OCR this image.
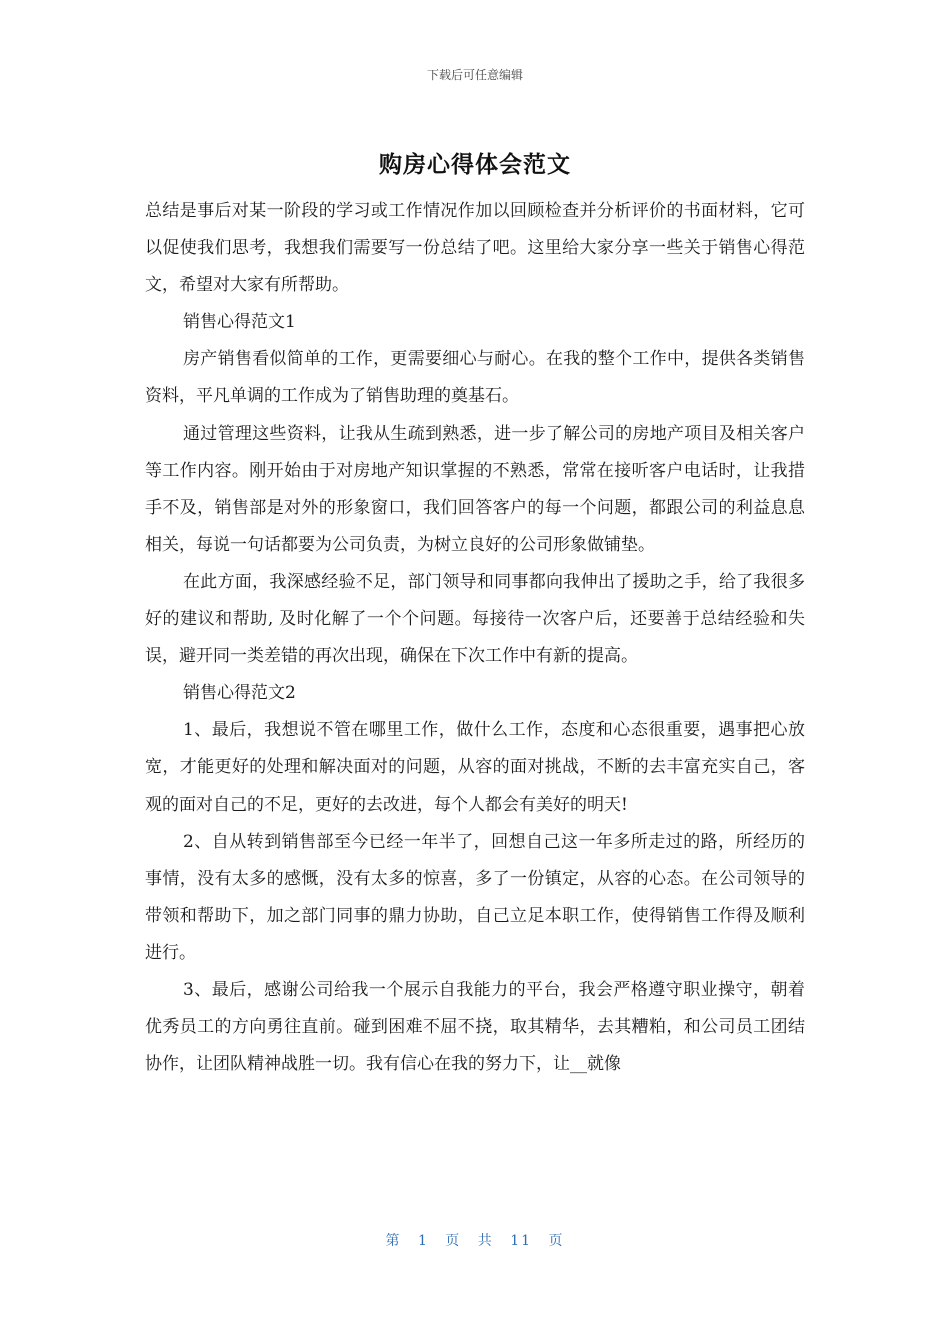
下载后可任意编辑
购房心得体会范文

总结是事后对某一阶段的学习或工作情况作加以回顾检查并分析评价的书面材料，它可以促使我们思考，我想我们需要写一份总结了吧。这里给大家分享一些关于销售心得范文，希望对大家有所帮助。

销售心得范文1

房产销售看似简单的工作，更需要细心与耐心。在我的整个工作中，提供各类销售资料，平凡单调的工作成为了销售助理的奠基石。

通过管理这些资料，让我从生疏到熟悉，进一步了解公司的房地产项目及相关客户等工作内容。刚开始由于对房地产知识掌握的不熟悉，常常在接听客户电话时，让我措手不及，销售部是对外的形象窗口，我们回答客户的每一个问题，都跟公司的利益息息相关，每说一句话都要为公司负责，为树立良好的公司形象做铺垫。

在此方面，我深感经验不足，部门领导和同事都向我伸出了援助之手，给了我很多好的建议和帮助, 及时化解了一个个问题。每接待一次客户后，还要善于总结经验和失误，避开同一类差错的再次出现，确保在下次工作中有新的提高。

销售心得范文2

1、最后，我想说不管在哪里工作，做什么工作，态度和心态很重要，遇事把心放宽，才能更好的处理和解决面对的问题，从容的面对挑战，不断的去丰富充实自己，客观的面对自己的不足，更好的去改进，每个人都会有美好的明天!

2、自从转到销售部至今已经一年半了，回想自己这一年多所走过的路，所经历的事情，没有太多的感慨，没有太多的惊喜，多了一份镇定，从容的心态。在公司领导的带领和帮助下，加之部门同事的鼎力协助，自己立足本职工作，使得销售工作得及顺利进行。

3、最后，感谢公司给我一个展示自我能力的平台，我会严格遵守职业操守，朝着优秀员工的方向勇往直前。碰到困难不屈不挠，取其精华，去其糟粕，和公司员工团结协作，让团队精神战胜一切。我有信心在我的努力下，让__就像

第 1 页 共 11 页
